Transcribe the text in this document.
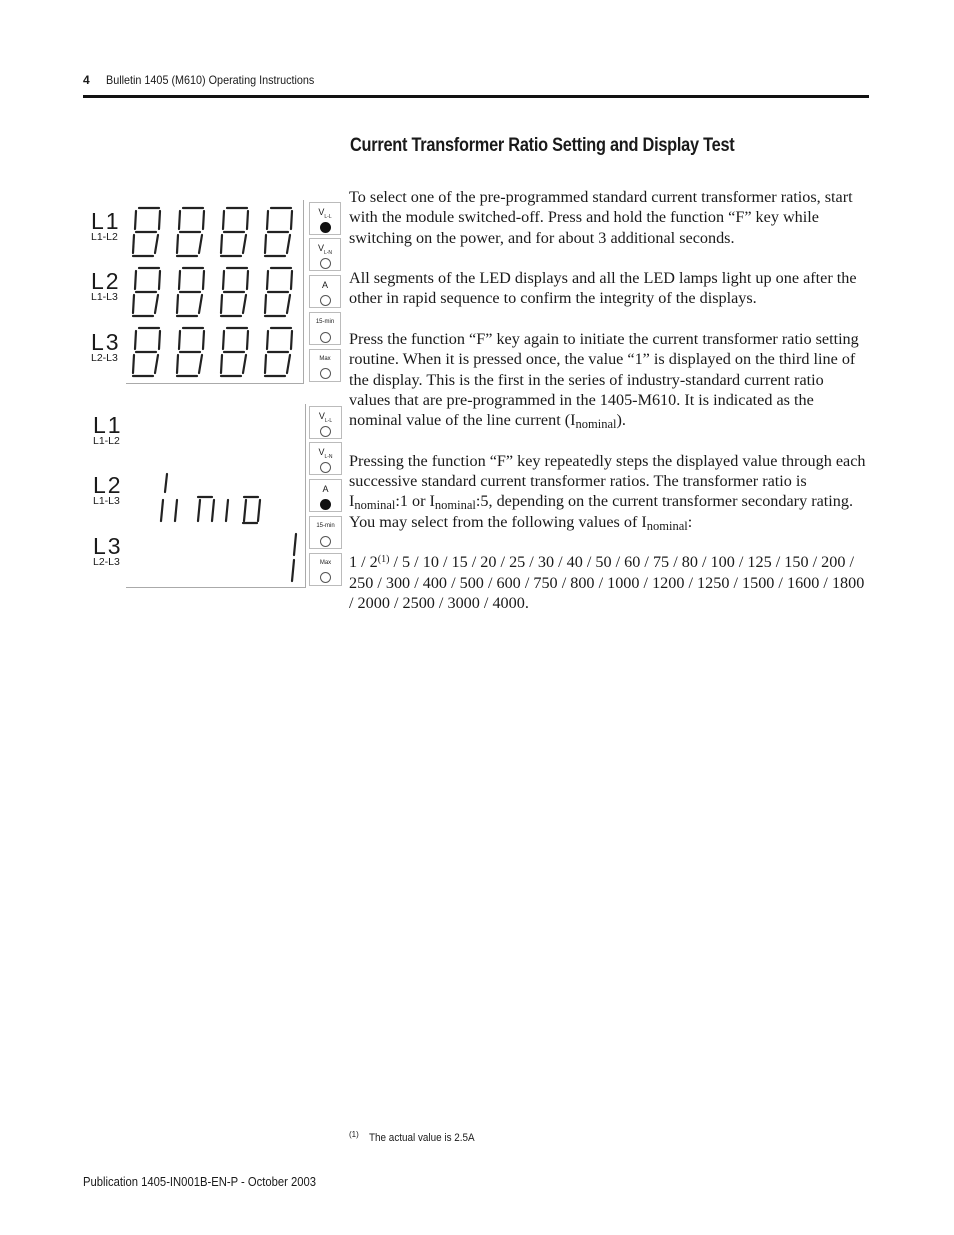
4 Bulletin 1405 (M610) Operating Instructions
Current Transformer Ratio Setting and Display Test
L1
L1-L2
L2
L1-L3
L3
L2-L3
$V_{L-L}$
$V_{L-N}$
A
15-min
Max
L1
L1-L2
L2
L1-L3
L3
L2-L3
$V_{L-L}$
$V_{L-N}$
A
15-min
Max

To select one of the pre-programmed standard current transformer ratios, start with the module switched-off. Press and hold the function “F” key while switching on the power, and for about 3 additional seconds.

All segments of the LED displays and all the LED lamps light up one after the other in rapid sequence to confirm the integrity of the displays.

Press the function “F” key again to initiate the current transformer ratio setting routine. When it is pressed once, the value “1” is displayed on the third line of the display. This is the first in the series of industry-standard current ratio values that are pre-programmed in the 1405-M610. It is indicated as the nominal value of the line current $(I_{nominal})$.

Pressing the function “F” key repeatedly steps the displayed value through each successive standard current transformer ratios. The transformer ratio is $I_{nominal}:1$ or $I_{nominal}:5$, depending on the current transformer secondary rating. You may select from the following values of $I_{nominal}$:

1 / 2$^{(1)}$ / 5 / 10 / 15 / 20 / 25 / 30 / 40 / 50 / 60 / 75 / 80 / 100 / 125 / 150 / 200 / 250 / 300 / 400 / 500 / 600 / 750 / 800 / 1000 / 1200 / 1250 / 1500 / 1600 / 1800 / 2000 / 2500 / 3000 / 4000.

$^{(1)}$ The actual value is 2.5A
Publication 1405-IN001B-EN-P - October 2003
